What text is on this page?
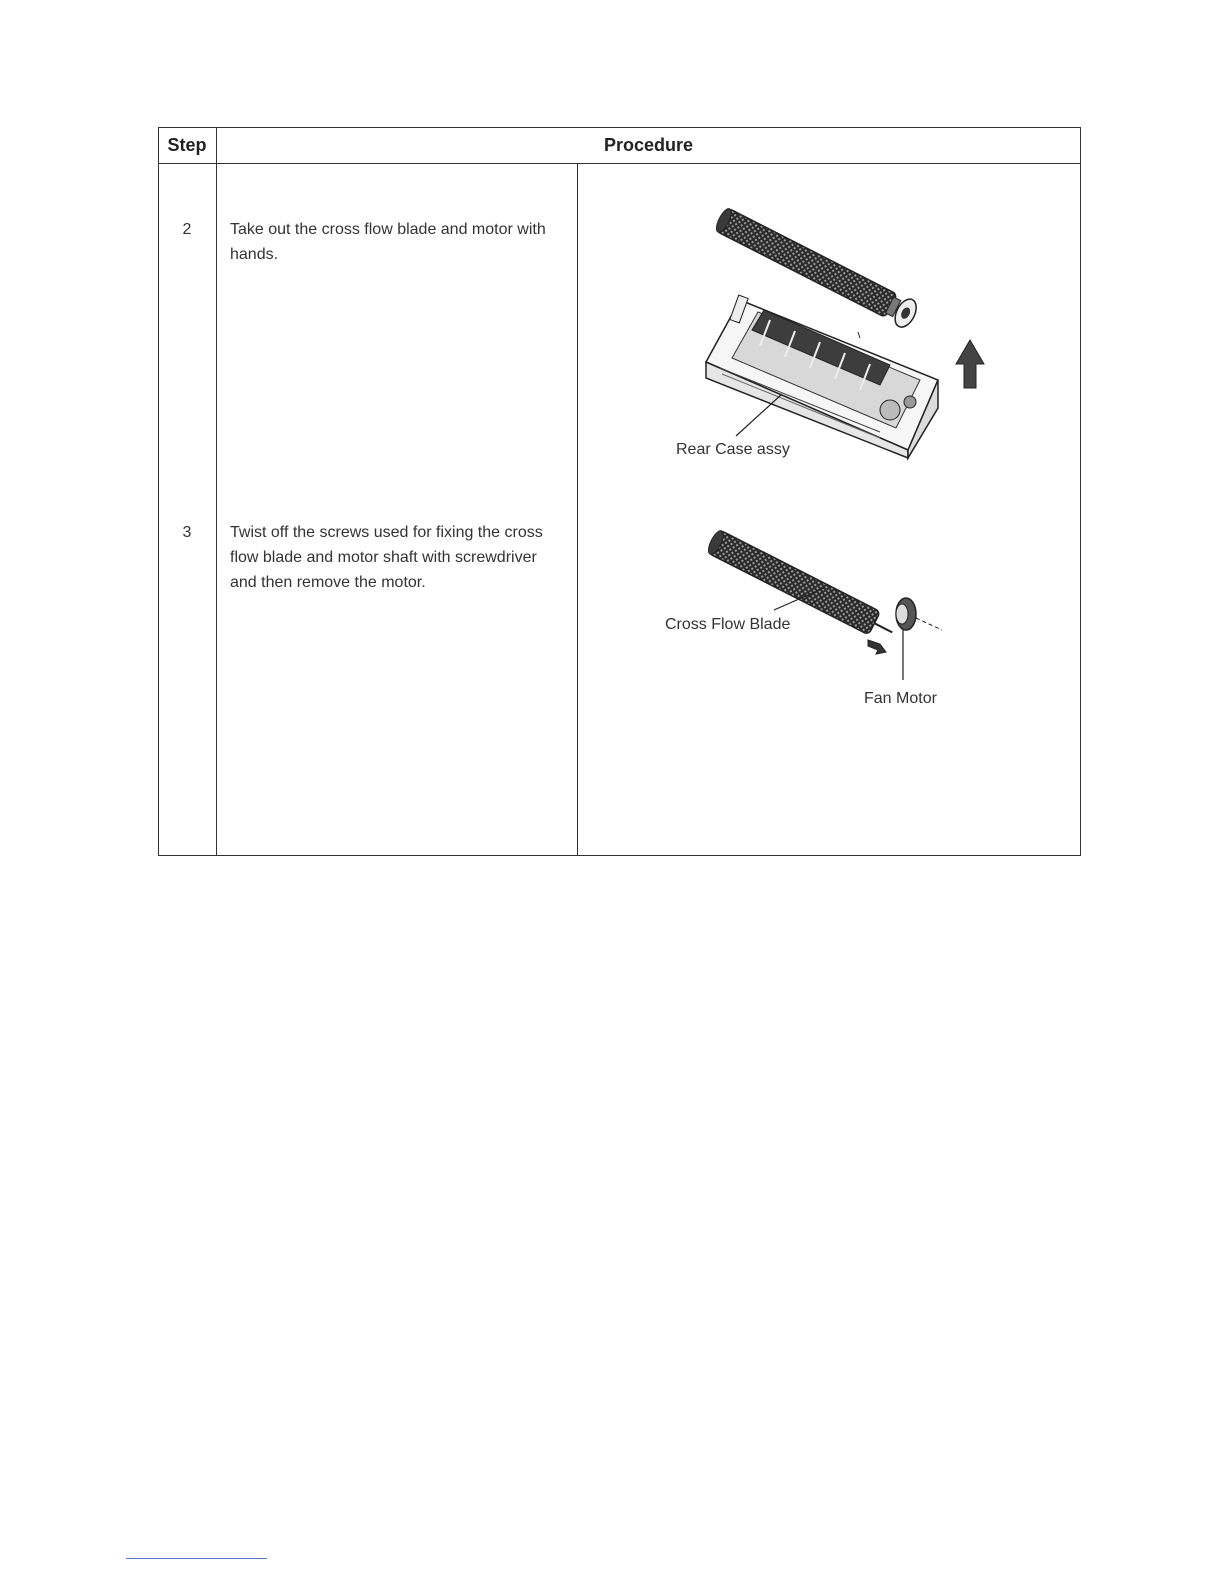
Step	Procedure
2	Take out the cross flow blade and motor with hands.
3	Twist off the screws used for fixing the cross flow blade and motor shaft with screwdriver and then remove the motor.
Rear Case assy
Cross Flow Blade
Fan Motor
